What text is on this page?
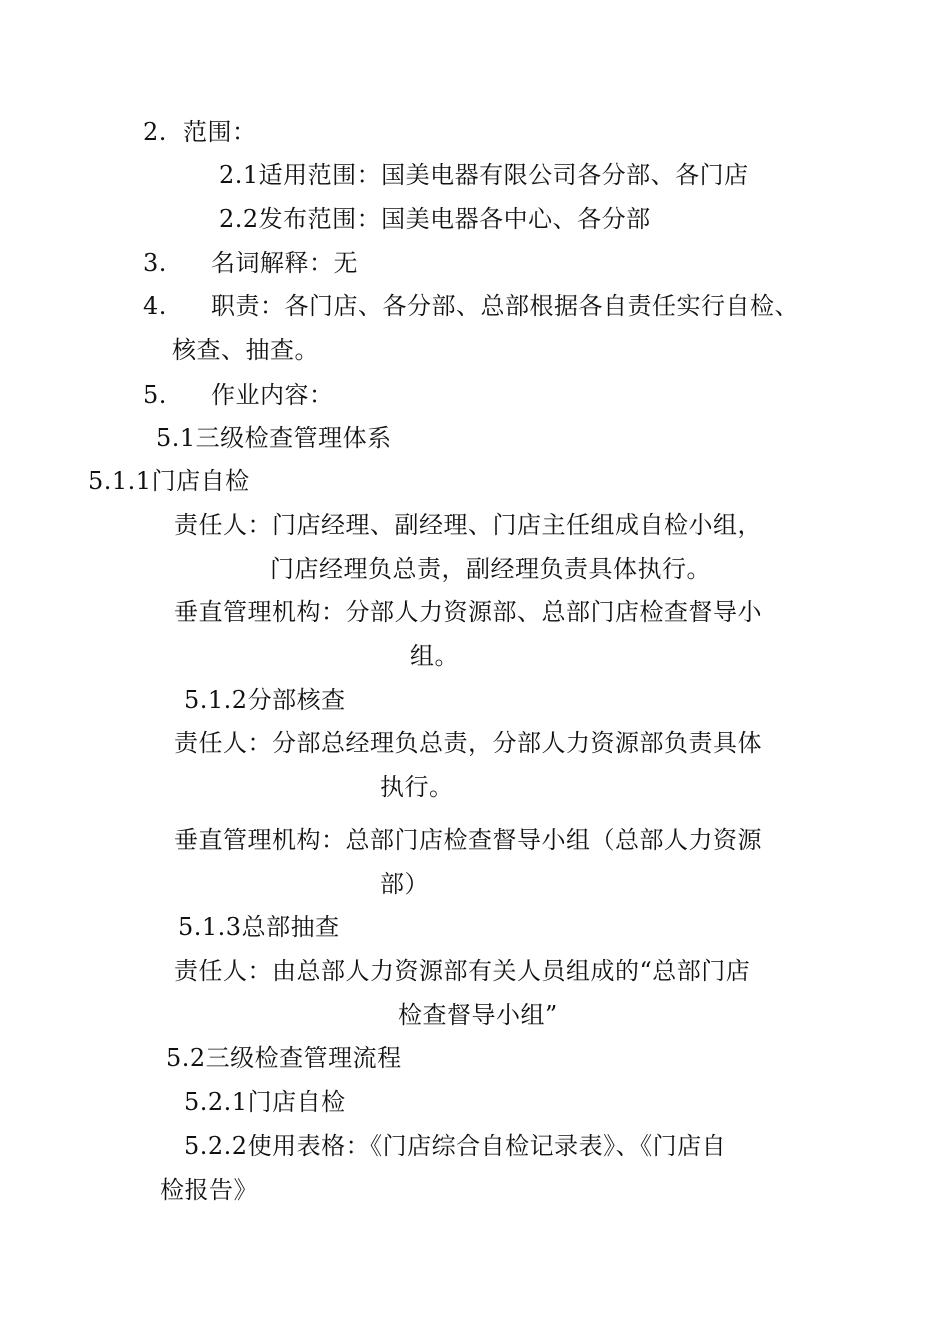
2. 范围：
2.1适用范围：国美电器有限公司各分部、各门店
2.2发布范围：国美电器各中心、各分部
3. 名词解释：无
4. 职责：各门店、各分部、总部根据各自责任实行自检、
核查、抽查。
5. 作业内容：
5.1三级检查管理体系
5.1.1门店自检
责任人：门店经理、副经理、门店主任组成自检小组，
门店经理负总责，副经理负责具体执行。
垂直管理机构：分部人力资源部、总部门店检查督导小
组。
5.1.2分部核查
责任人：分部总经理负总责，分部人力资源部负责具体
执行。
垂直管理机构：总部门店检查督导小组（总部人力资源
部）
5.1.3总部抽查
责任人：由总部人力资源部有关人员组成的“总部门店
检查督导小组”
5.2三级检查管理流程
5.2.1门店自检
5.2.2使用表格：《门店综合自检记录表》、《门店自
检报告》
